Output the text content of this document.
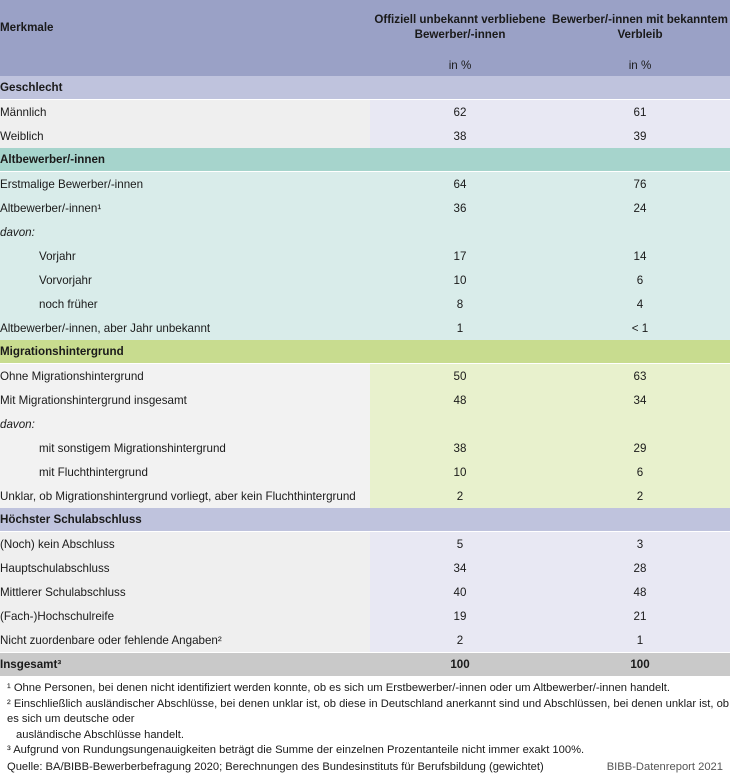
Merkmale	Offiziell unbekannt verbliebene Bewerber/-innen	Bewerber/-innen mit bekanntem Verbleib
	in %	in %
Geschlecht		
Männlich	62	61
Weiblich	38	39
Altbewerber/-innen		
Erstmalige Bewerber/-innen	64	76
Altbewerber/-innen¹	36	24
davon:		
Vorjahr	17	14
Vorvorjahr	10	6
noch früher	8	4
Altbewerber/-innen, aber Jahr unbekannt	1	< 1
Migrationshintergrund		
Ohne Migrationshintergrund	50	63
Mit Migrationshintergrund insgesamt	48	34
davon:		
mit sonstigem Migrationshintergrund	38	29
mit Fluchthintergrund	10	6
Unklar, ob Migrationshintergrund vorliegt, aber kein Fluchthintergrund	2	2
Höchster Schulabschluss		
(Noch) kein Abschluss	5	3
Hauptschulabschluss	34	28
Mittlerer Schulabschluss	40	48
(Fach-)Hochschulreife	19	21
Nicht zuordenbare oder fehlende Angaben²	2	1
Insgesamt³	100	100

¹ Ohne Personen, bei denen nicht identifiziert werden konnte, ob es sich um Erstbewerber/-innen oder um Altbewerber/-innen handelt.

² Einschließlich ausländischer Abschlüsse, bei denen unklar ist, ob diese in Deutschland anerkannt sind und Abschlüssen, bei denen unklar ist, ob es sich um deutsche oder

ausländische Abschlüsse handelt.

³ Aufgrund von Rundungsungenauigkeiten beträgt die Summe der einzelnen Prozentanteile nicht immer exakt 100%.

Quelle: BA/BIBB-Bewerberbefragung 2020; Berechnungen des Bundesinstituts für Berufsbildung (gewichtet)	BIBB-Datenreport 2021
